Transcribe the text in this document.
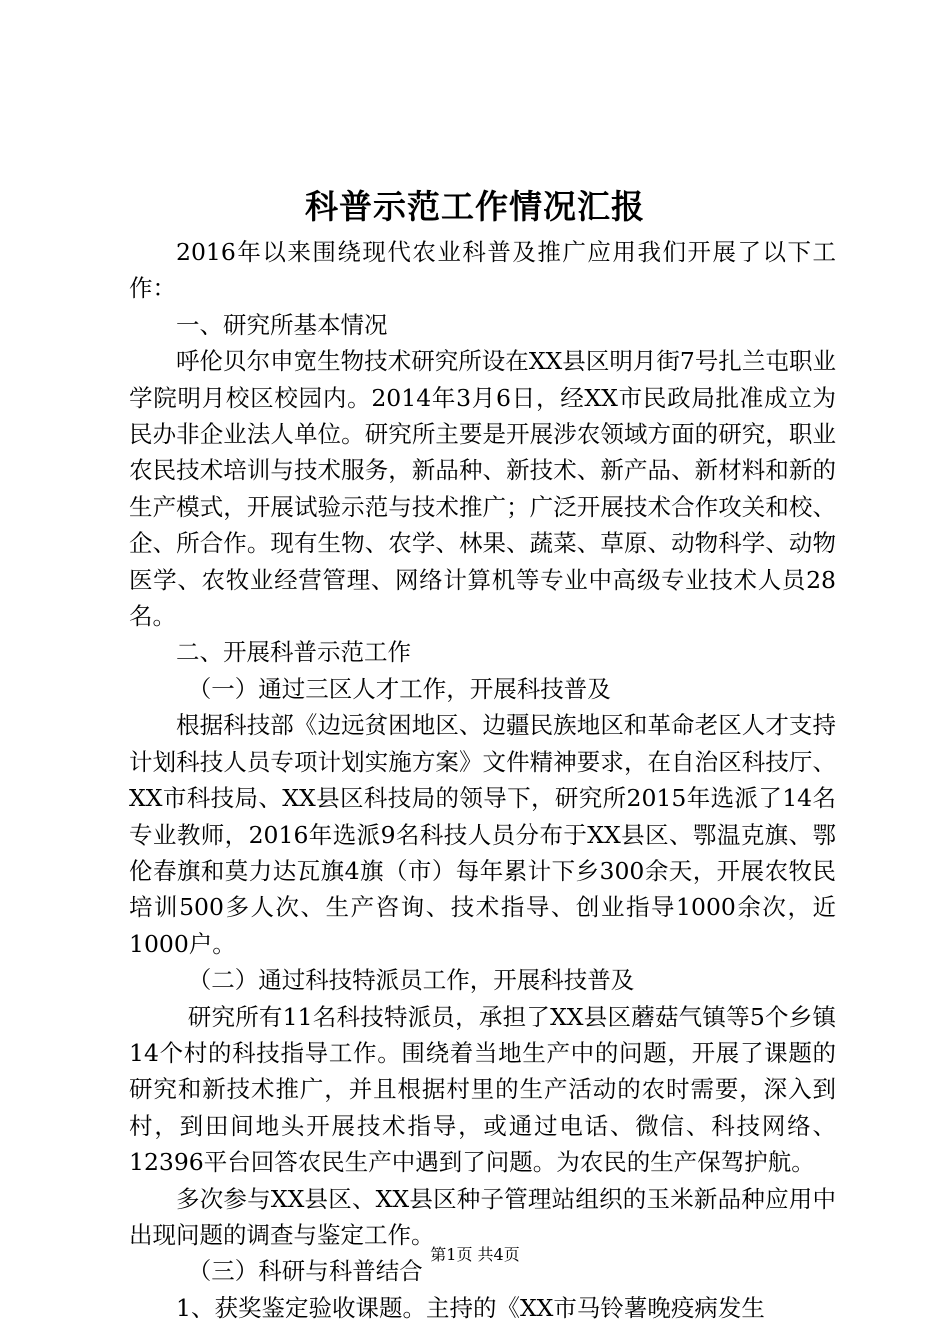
科普示范工作情况汇报

2016年以来围绕现代农业科普及推广应用我们开展了以下工作：

一、研究所基本情况

呼伦贝尔申宽生物技术研究所设在XX县区明月街7号扎兰屯职业学院明月校区校园内。2014年3月6日，经XX市民政局批准成立为民办非企业法人单位。研究所主要是开展涉农领域方面的研究，职业农民技术培训与技术服务，新品种、新技术、新产品、新材料和新的生产模式，开展试验示范与技术推广；广泛开展技术合作攻关和校、企、所合作。现有生物、农学、林果、蔬菜、草原、动物科学、动物医学、农牧业经营管理、网络计算机等专业中高级专业技术人员28名。

二、开展科普示范工作

（一）通过三区人才工作，开展科技普及

根据科技部《边远贫困地区、边疆民族地区和革命老区人才支持计划科技人员专项计划实施方案》文件精神要求，在自治区科技厅、XX市科技局、XX县区科技局的领导下，研究所2015年选派了14名专业教师，2016年选派9名科技人员分布于XX县区、鄂温克旗、鄂伦春旗和莫力达瓦旗4旗（市）每年累计下乡300余天，开展农牧民培训500多人次、生产咨询、技术指导、创业指导1000余次，近1000户。

（二）通过科技特派员工作，开展科技普及

研究所有11名科技特派员，承担了XX县区蘑菇气镇等5个乡镇14个村的科技指导工作。围绕着当地生产中的问题，开展了课题的研究和新技术推广，并且根据村里的生产活动的农时需要，深入到村，到田间地头开展技术指导，或通过电话、微信、科技网络、12396平台回答农民生产中遇到了问题。为农民的生产保驾护航。

多次参与XX县区、XX县区种子管理站组织的玉米新品种应用中出现问题的调查与鉴定工作。

（三）科研与科普结合

1、获奖鉴定验收课题。主持的《XX市马铃薯晚疫病发生

第1页 共4页
